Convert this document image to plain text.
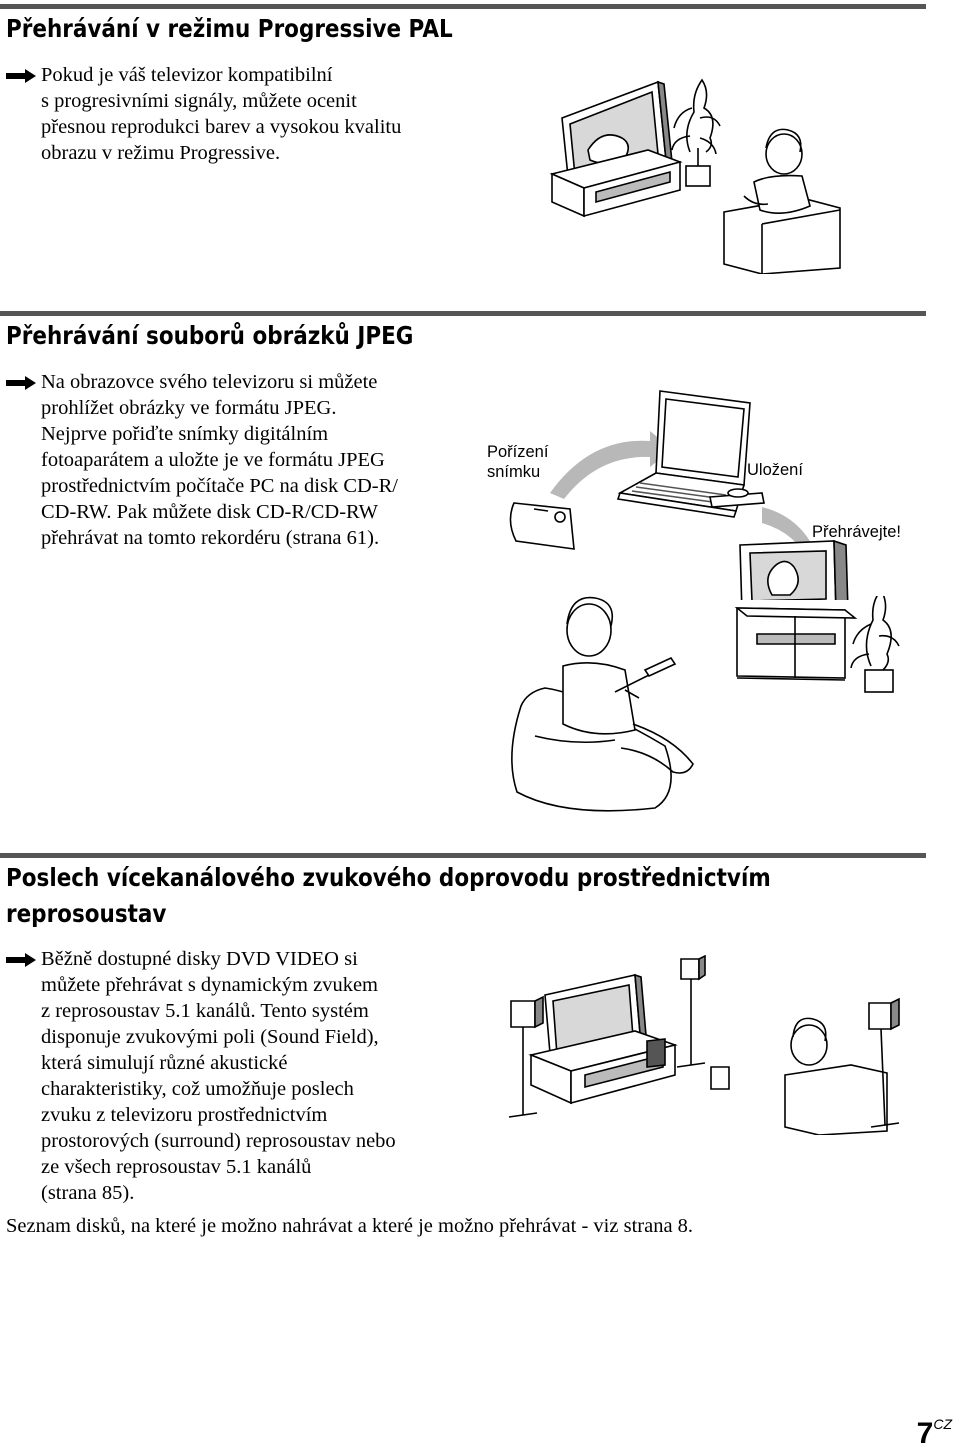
Přehrávání v režimu Progressive PAL
Pokud je váš televizor kompatibilní
s progresivními signály, můžete ocenit
přesnou reprodukci barev a vysokou kvalitu
obrazu v režimu Progressive.
Přehrávání souborů obrázků JPEG
Na obrazovce svého televizoru si můžete
prohlížet obrázky ve formátu JPEG.
Nejprve pořiďte snímky digitálním
fotoaparátem a uložte je ve formátu JPEG
prostřednictvím počítače PC na disk CD-R/
CD-RW. Pak můžete disk CD-R/CD-RW
přehrávat na tomto rekordéru (strana 61).
Pořízení
snímku	Uložení
Přehrávejte!
Poslech vícekanálového zvukového doprovodu prostřednictvím
reprosoustav
Běžně dostupné disky DVD VIDEO si
můžete přehrávat s dynamickým zvukem
z reprosoustav 5.1 kanálů. Tento systém
disponuje zvukovými poli (Sound Field),
která simulují různé akustické
charakteristiky, což umožňuje poslech
zvuku z televizoru prostřednictvím
prostorových (surround) reprosoustav nebo
ze všech reprosoustav 5.1 kanálů
(strana 85).

Seznam disků, na které je možno nahrávat a které je možno přehrávat - viz strana 8.

7CZ
